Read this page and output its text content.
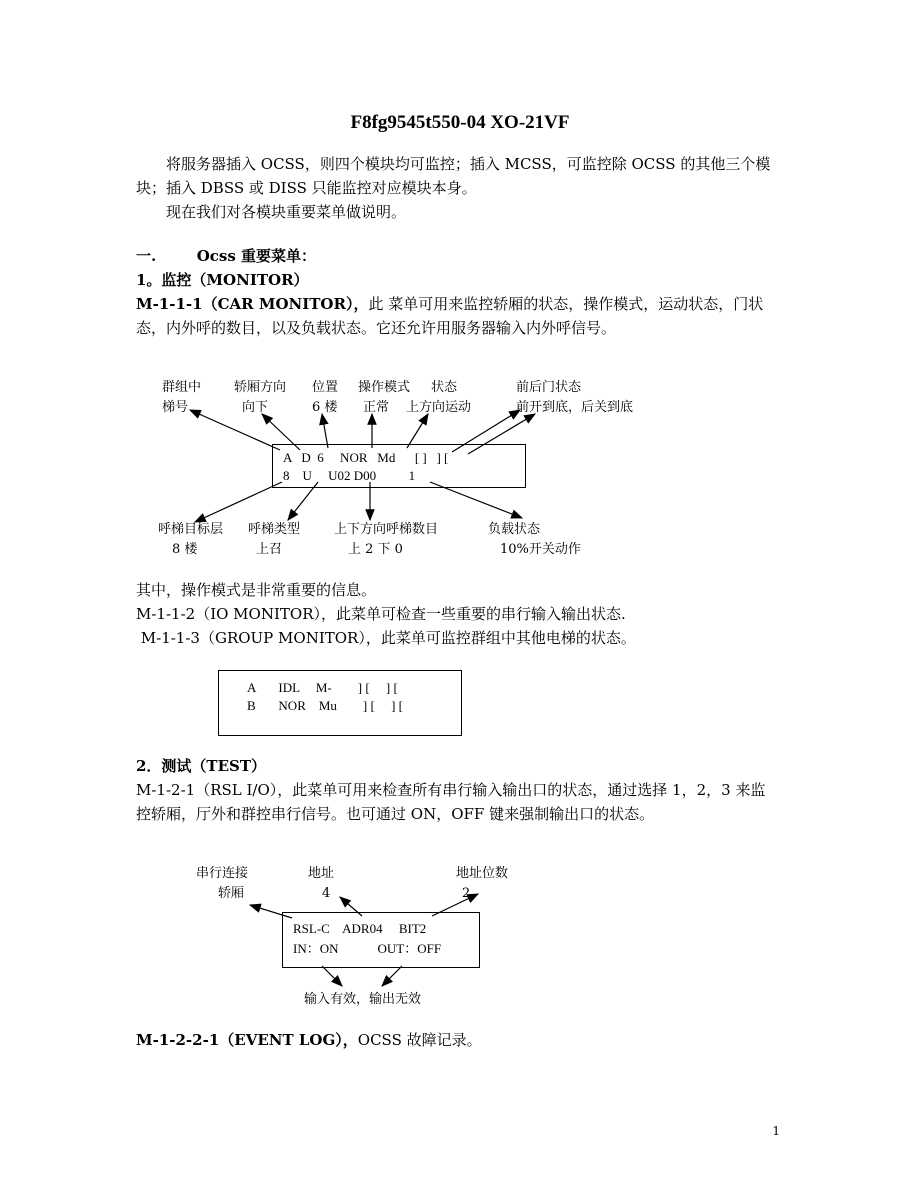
F8fg9545t550-04 XO-21VF
将服务器插入 OCSS，则四个模块均可监控；插入 MCSS，可监控除 OCSS 的其他三个模块；插入 DBSS 或 DISS 只能监控对应模块本身。
现在我们对各模块重要菜单做说明。
一.	Ocss 重要菜单：
1。监控（MONITOR）
M-1-1-1（CAR MONITOR），此 菜单可用来监控轿厢的状态，操作模式，运动状态，门状态，内外呼的数目，以及负载状态。它还允许用服务器输入内外呼信号。
群组中
梯号
轿厢方向
向下
位置
6 楼
操作模式
正常
状态
上方向运动
前后门状态
前开到底，后关到底
A   D  6     NOR   Md      [ ]   ] [
8    U     U02 D00          1
呼梯目标层
8 楼
呼梯类型
上召
上下方向呼梯数目
上 2 下 0
负载状态
10%开关动作
其中，操作模式是非常重要的信息。
M-1-1-2（IO MONITOR），此菜单可检查一些重要的串行输入输出状态.
M-1-1-3（GROUP MONITOR），此菜单可监控群组中其他电梯的状态。
A       IDL     M-        ] [     ] [
B       NOR    Mu        ] [     ] [
2．测试（TEST）
M-1-2-1（RSL I/O），此菜单可用来检查所有串行输入输出口的状态，通过选择 1，2，3 来监控轿厢，厅外和群控串行信号。也可通过 ON，OFF 键来强制输出口的状态。
串行连接
轿厢
地址
4
地址位数
2
RSL-C    ADR04     BIT2
IN：ON            OUT：OFF
输入有效，输出无效
M-1-2-2-1（EVENT LOG），OCSS 故障记录。
1
